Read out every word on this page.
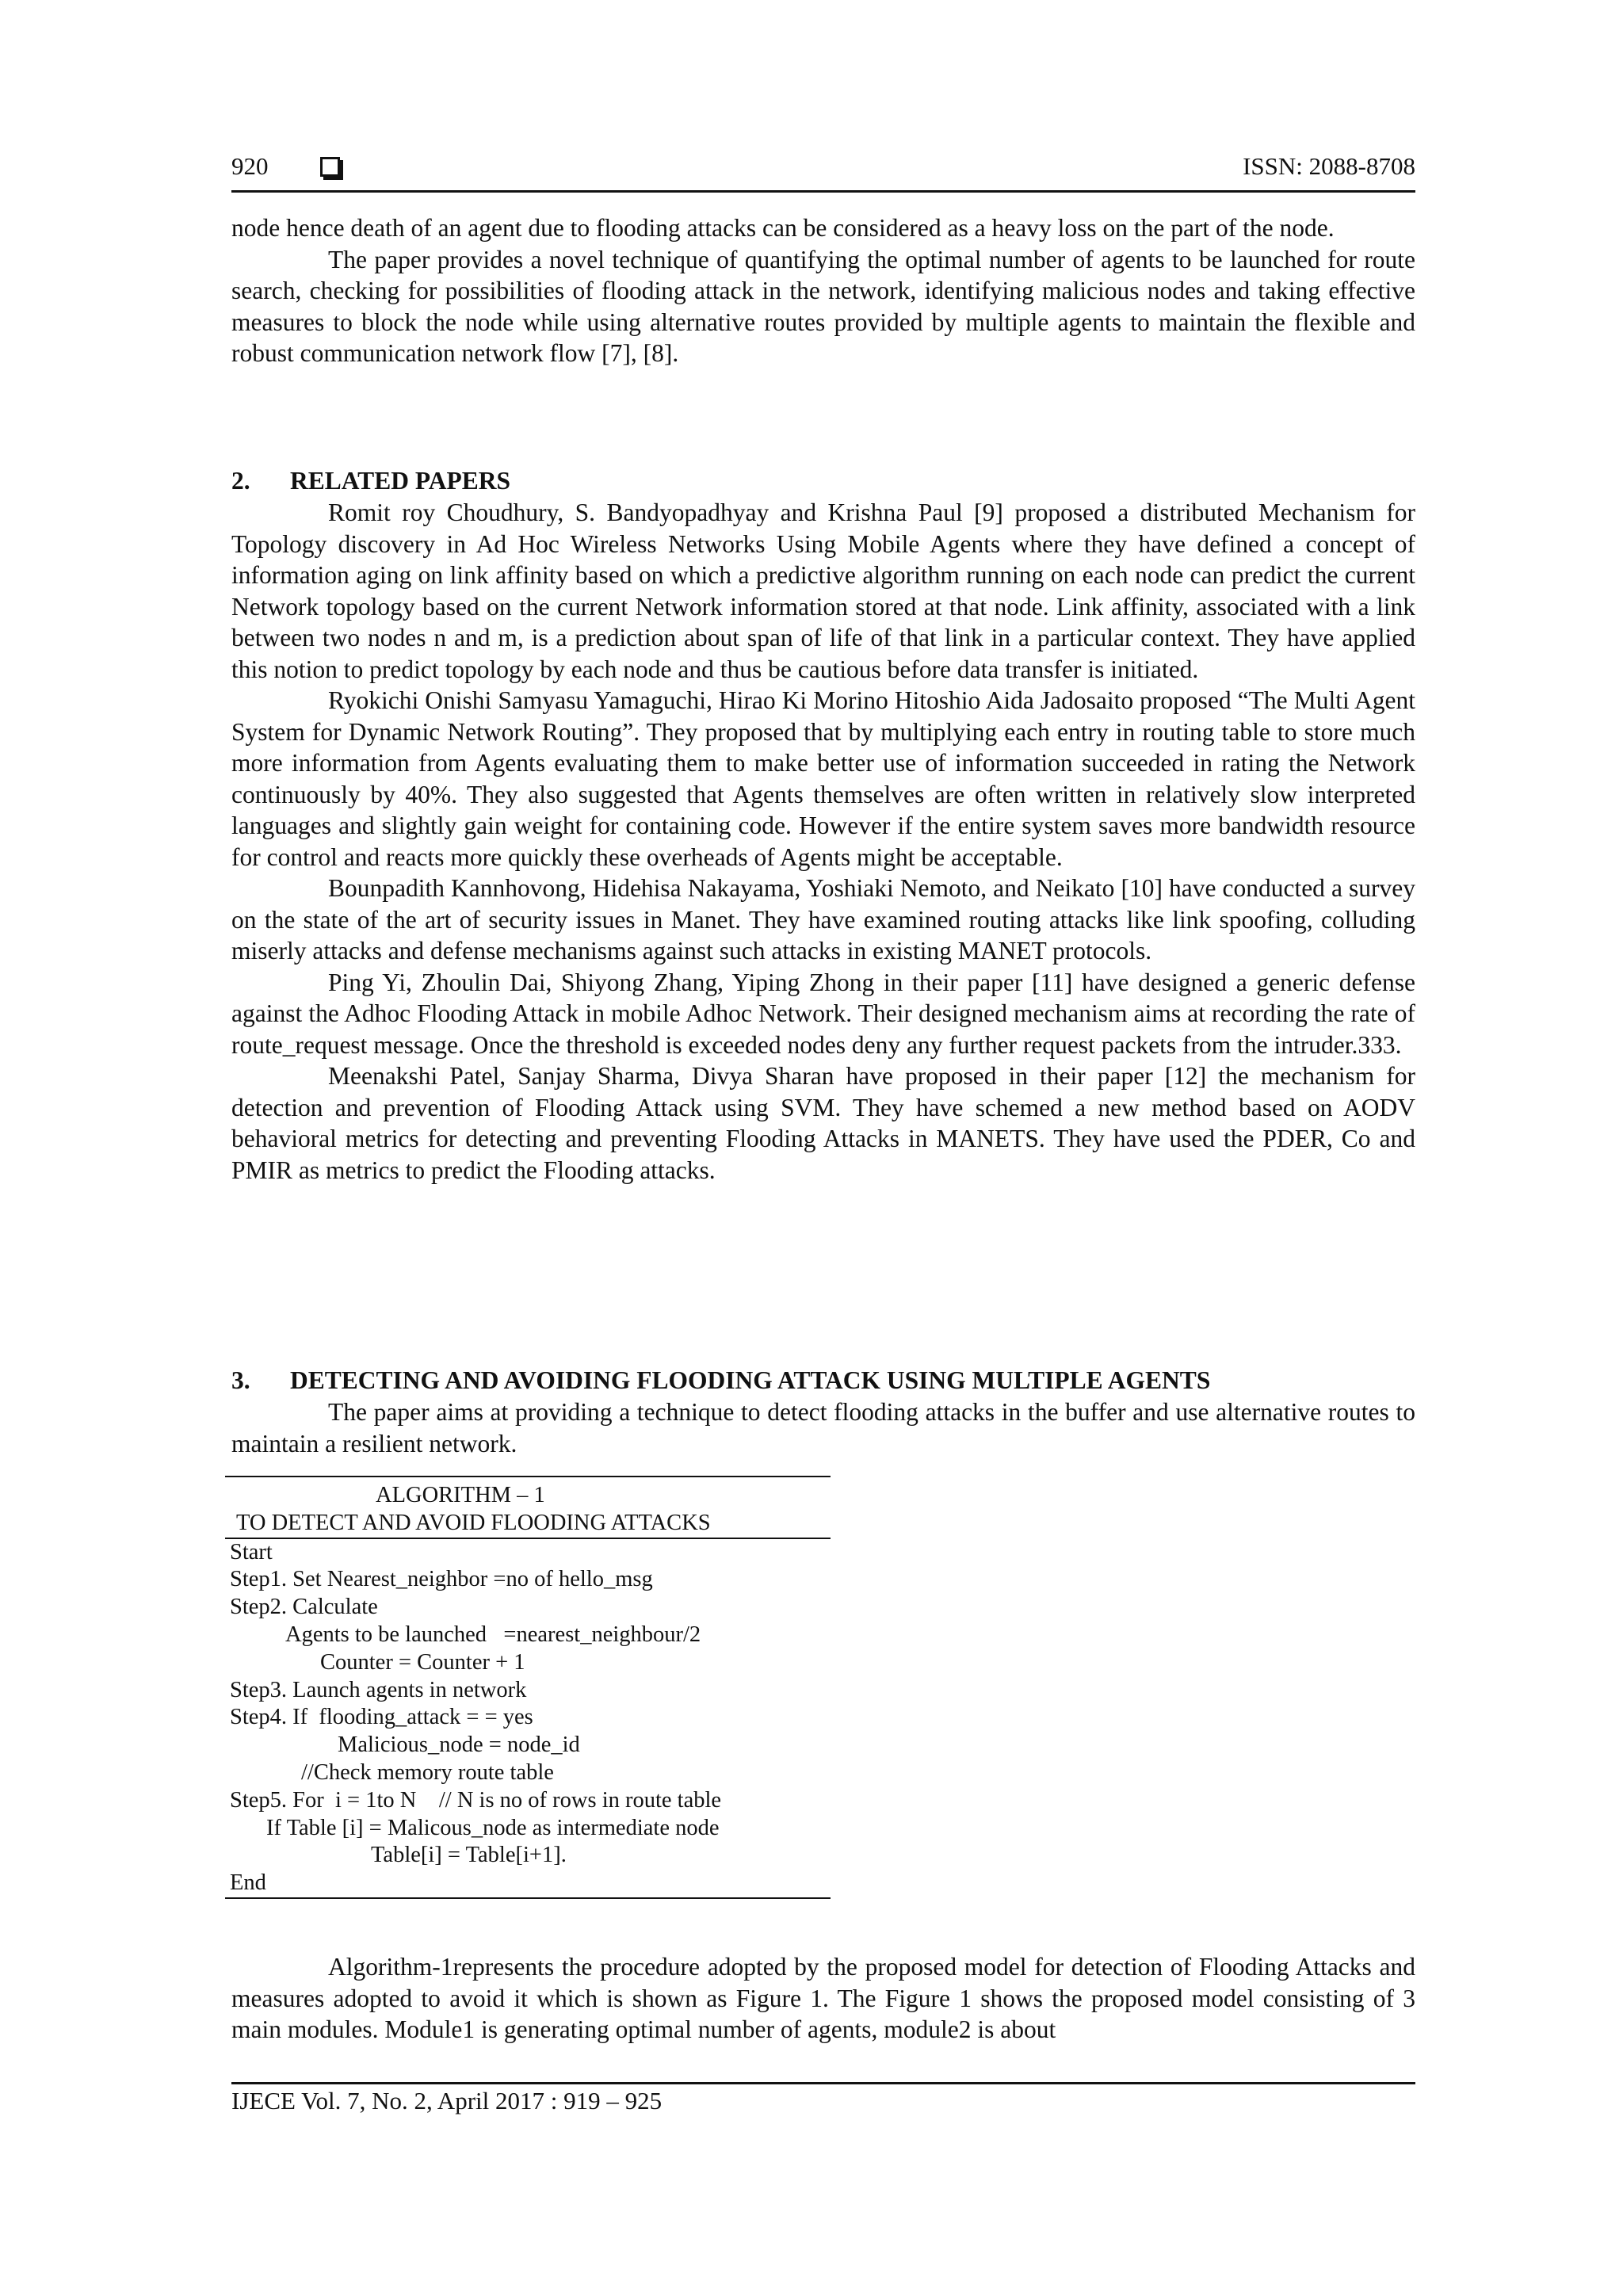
920	ISSN: 2088-8708

node hence death of an agent due to flooding attacks can be considered as a heavy loss on the part of the node.

The paper provides a novel technique of quantifying the optimal number of agents to be launched for route search, checking for possibilities of flooding attack in the network, identifying malicious nodes and taking effective measures to block the node while using alternative routes provided by multiple agents to maintain the flexible and robust communication network flow [7], [8].

2. RELATED PAPERS

Romit roy Choudhury, S. Bandyopadhyay and Krishna Paul [9] proposed a distributed Mechanism for Topology discovery in Ad Hoc Wireless Networks Using Mobile Agents where they have defined a concept of information aging on link affinity based on which a predictive algorithm running on each node can predict the current Network topology based on the current Network information stored at that node. Link affinity, associated with a link between two nodes n and m, is a prediction about span of life of that link in a particular context. They have applied this notion to predict topology by each node and thus be cautious before data transfer is initiated.

Ryokichi Onishi Samyasu Yamaguchi, Hirao Ki Morino Hitoshio Aida Jadosaito proposed “The Multi Agent System for Dynamic Network Routing”. They proposed that by multiplying each entry in routing table to store much more information from Agents evaluating them to make better use of information succeeded in rating the Network continuously by 40%. They also suggested that Agents themselves are often written in relatively slow interpreted languages and slightly gain weight for containing code. However if the entire system saves more bandwidth resource for control and reacts more quickly these overheads of Agents might be acceptable.

Bounpadith Kannhovong, Hidehisa Nakayama, Yoshiaki Nemoto, and Neikato [10] have conducted a survey on the state of the art of security issues in Manet. They have examined routing attacks like link spoofing, colluding miserly attacks and defense mechanisms against such attacks in existing MANET protocols.

Ping Yi, Zhoulin Dai, Shiyong Zhang, Yiping Zhong in their paper [11] have designed a generic defense against the Adhoc Flooding Attack in mobile Adhoc Network. Their designed mechanism aims at recording the rate of route_request message. Once the threshold is exceeded nodes deny any further request packets from the intruder.333.

Meenakshi Patel, Sanjay Sharma, Divya Sharan have proposed in their paper [12] the mechanism for detection and prevention of Flooding Attack using SVM. They have schemed a new method based on AODV behavioral metrics for detecting and preventing Flooding Attacks in MANETS. They have used the PDER, Co and PMIR as metrics to predict the Flooding attacks.

3. DETECTING AND AVOIDING FLOODING ATTACK USING MULTIPLE AGENTS

The paper aims at providing a technique to detect flooding attacks in the buffer and use alternative routes to maintain a resilient network.

ALGORITHM – 1
TO DETECT AND AVOID FLOODING ATTACKS
Start
Step1. Set Nearest_neighbor =no of hello_msg
Step2. Calculate
Agents to be launched   =nearest_neighbour/2
Counter = Counter + 1
Step3. Launch agents in network
Step4. If  flooding_attack = = yes
Malicious_node = node_id
//Check memory route table
Step5. For  i = 1to N    // N is no of rows in route table
If Table [i] = Malicous_node as intermediate node
Table[i] = Table[i+1].
End

Algorithm-1represents the procedure adopted by the proposed model for detection of Flooding Attacks and measures adopted to avoid it which is shown as Figure 1. The Figure 1 shows the proposed model consisting of 3 main modules. Module1 is generating optimal number of agents, module2 is about

IJECE Vol. 7, No. 2, April 2017 : 919 – 925
